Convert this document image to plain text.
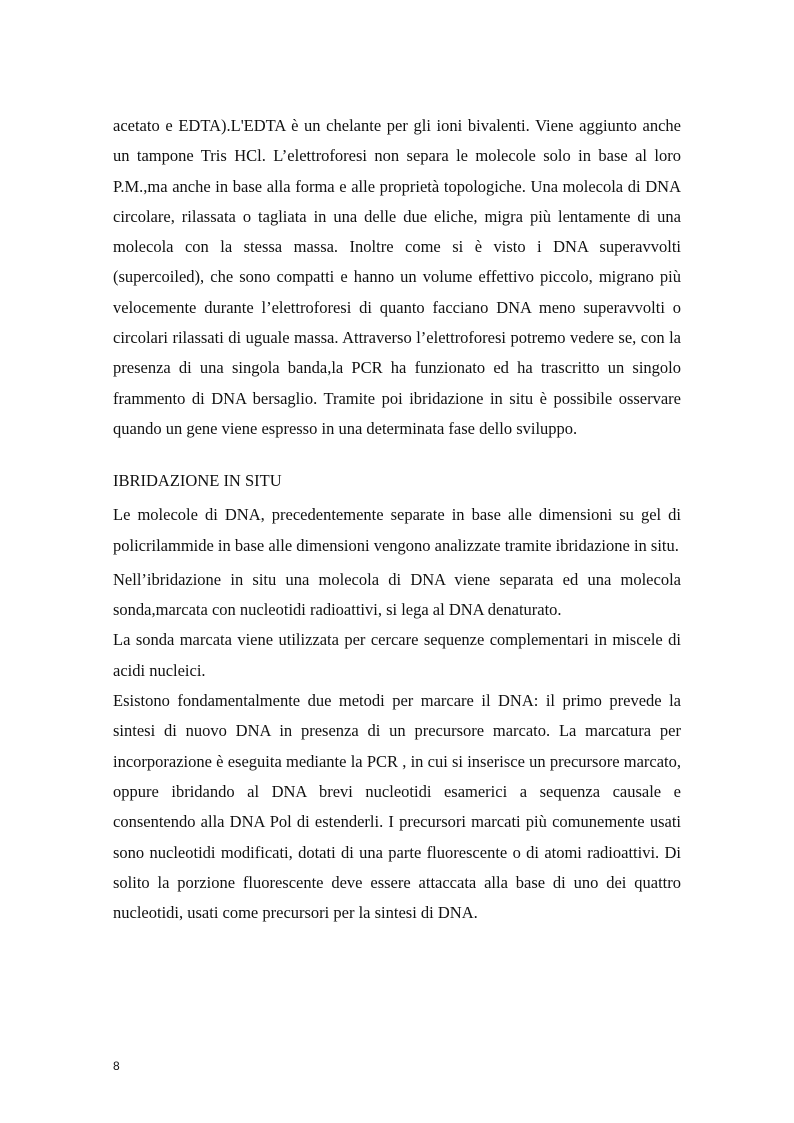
acetato e EDTA).L'EDTA è un chelante per gli ioni bivalenti. Viene aggiunto anche un tampone Tris HCl. L’elettroforesi non separa le molecole solo in base al loro P.M.,ma anche in base alla forma e alle proprietà topologiche. Una molecola di DNA circolare, rilassata o tagliata in una delle due eliche, migra più lentamente di una molecola con la stessa massa. Inoltre come si è visto i DNA superavvolti (supercoiled), che sono compatti e hanno un volume effettivo piccolo, migrano più velocemente durante l’elettroforesi di quanto facciano DNA meno superavvolti o circolari rilassati di uguale massa. Attraverso l’elettroforesi potremo vedere se, con la presenza di una singola banda,la PCR ha funzionato ed ha trascritto un singolo frammento di DNA bersaglio. Tramite poi ibridazione in situ è possibile osservare quando un gene viene espresso in una determinata fase dello sviluppo.

IBRIDAZIONE IN SITU

Le molecole di DNA, precedentemente separate in base alle dimensioni su gel di policrilammide in base alle dimensioni vengono analizzate tramite ibridazione in situ.

Nell’ibridazione in situ una molecola di DNA viene separata ed una molecola sonda,marcata con nucleotidi radioattivi, si lega al DNA denaturato.

La sonda marcata viene utilizzata per cercare sequenze complementari in miscele di acidi nucleici.

Esistono fondamentalmente due metodi per marcare il DNA: il primo prevede la sintesi di nuovo DNA in presenza di un precursore marcato. La marcatura per incorporazione è eseguita mediante la PCR , in cui si inserisce un precursore marcato, oppure ibridando al DNA brevi nucleotidi esamerici a sequenza causale e consentendo alla DNA Pol di estenderli. I precursori marcati più comunemente usati sono nucleotidi modificati, dotati di una parte fluorescente o di atomi radioattivi. Di solito la porzione fluorescente deve essere attaccata alla base di uno dei quattro nucleotidi, usati come precursori per la sintesi di DNA.

8
